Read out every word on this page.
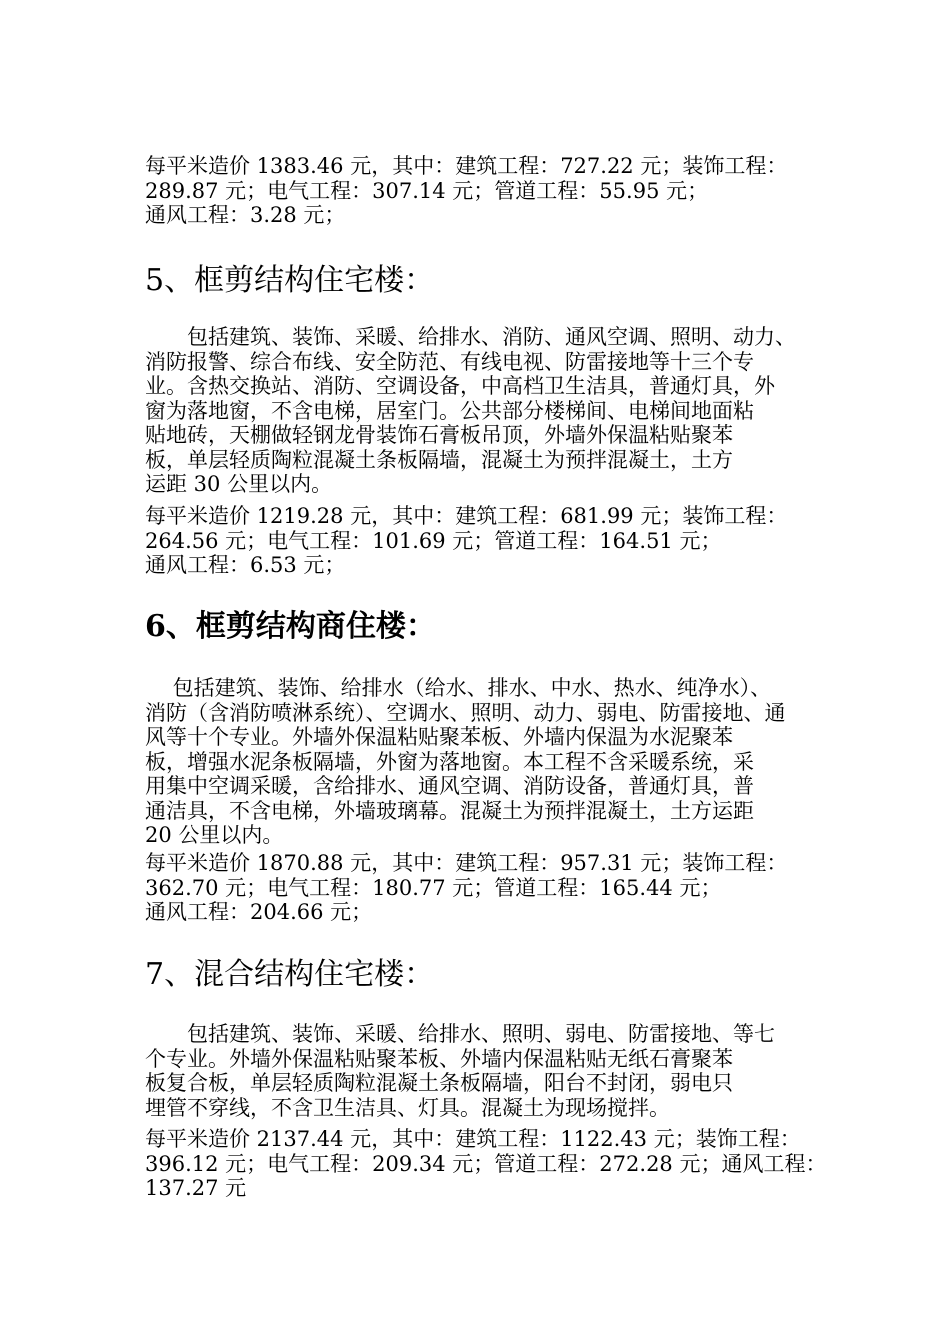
每平米造价 1383.46 元，其中：建筑工程：727.22 元；装饰工程：
289.87 元；电气工程：307.14 元；管道工程：55.95 元；
通风工程：3.28 元；
5、框剪结构住宅楼：
　　包括建筑、装饰、采暖、给排水、消防、通风空调、照明、动力、
消防报警、综合布线、安全防范、有线电视、防雷接地等十三个专
业。含热交换站、消防、空调设备，中高档卫生洁具，普通灯具，外
窗为落地窗，不含电梯，居室门。公共部分楼梯间、电梯间地面粘
贴地砖，天棚做轻钢龙骨装饰石膏板吊顶，外墙外保温粘贴聚苯
板，单层轻质陶粒混凝土条板隔墙，混凝土为预拌混凝土，土方
运距 30 公里以内。
每平米造价 1219.28 元，其中：建筑工程：681.99 元；装饰工程：
264.56 元；电气工程：101.69 元；管道工程：164.51 元；
通风工程：6.53 元；
6、框剪结构商住楼：
　 包括建筑、装饰、给排水（给水、排水、中水、热水、纯净水）、
消防（含消防喷淋系统）、空调水、照明、动力、弱电、防雷接地、通
风等十个专业。外墙外保温粘贴聚苯板、外墙内保温为水泥聚苯
板，增强水泥条板隔墙，外窗为落地窗。本工程不含采暖系统，采
用集中空调采暖，含给排水、通风空调、消防设备，普通灯具，普
通洁具，不含电梯，外墙玻璃幕。混凝土为预拌混凝土，土方运距
20 公里以内。
每平米造价 1870.88 元，其中：建筑工程：957.31 元；装饰工程：
362.70 元；电气工程：180.77 元；管道工程：165.44 元；
通风工程：204.66 元；
7、混合结构住宅楼：
　　包括建筑、装饰、采暖、给排水、照明、弱电、防雷接地、等七
个专业。外墙外保温粘贴聚苯板、外墙内保温粘贴无纸石膏聚苯
板复合板，单层轻质陶粒混凝土条板隔墙，阳台不封闭，弱电只
埋管不穿线，不含卫生洁具、灯具。混凝土为现场搅拌。
每平米造价 2137.44 元，其中：建筑工程：1122.43 元；装饰工程：
396.12 元；电气工程：209.34 元；管道工程：272.28 元；通风工程：
137.27 元
